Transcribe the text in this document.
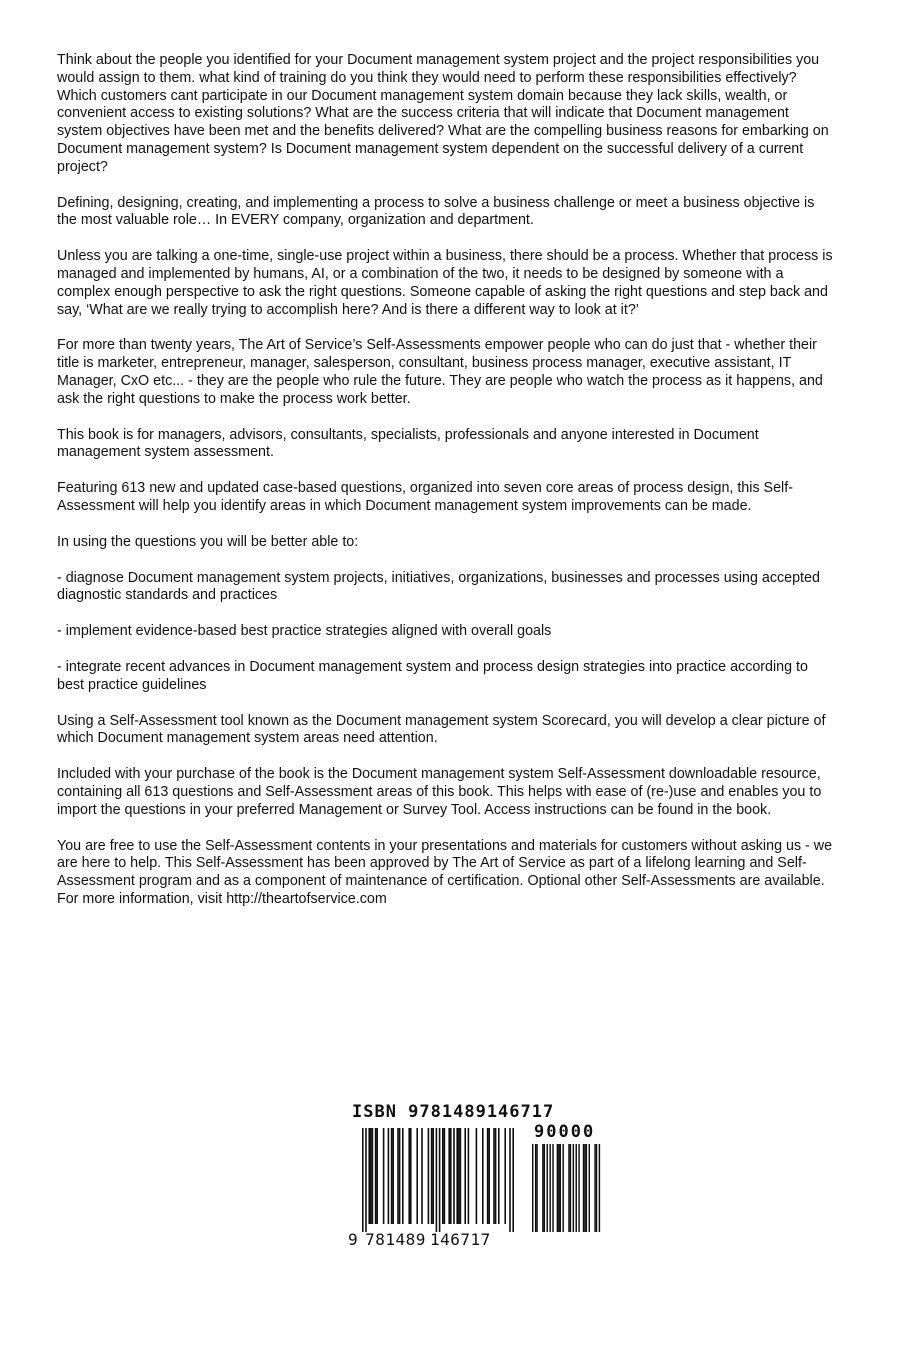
Think about the people you identified for your Document management system project and the project responsibilities you would assign to them. what kind of training do you think they would need to perform these responsibilities effectively? Which customers cant participate in our Document management system domain because they lack skills, wealth, or convenient access to existing solutions? What are the success criteria that will indicate that Document management system objectives have been met and the benefits delivered? What are the compelling business reasons for embarking on Document management system? Is Document management system dependent on the successful delivery of a current project?

Defining, designing, creating, and implementing a process to solve a business challenge or meet a business objective is the most valuable role… In EVERY company, organization and department.

Unless you are talking a one-time, single-use project within a business, there should be a process. Whether that process is managed and implemented by humans, AI, or a combination of the two, it needs to be designed by someone with a complex enough perspective to ask the right questions. Someone capable of asking the right questions and step back and say, ‘What are we really trying to accomplish here? And is there a different way to look at it?’

For more than twenty years, The Art of Service’s Self-Assessments empower people who can do just that - whether their title is marketer, entrepreneur, manager, salesperson, consultant, business process manager, executive assistant, IT Manager, CxO etc... - they are the people who rule the future. They are people who watch the process as it happens, and ask the right questions to make the process work better.

This book is for managers, advisors, consultants, specialists, professionals and anyone interested in Document management system assessment.

Featuring 613 new and updated case-based questions, organized into seven core areas of process design, this Self-Assessment will help you identify areas in which Document management system improvements can be made.

In using the questions you will be better able to:

- diagnose Document management system projects, initiatives, organizations, businesses and processes using accepted diagnostic standards and practices

- implement evidence-based best practice strategies aligned with overall goals

- integrate recent advances in Document management system and process design strategies into practice according to best practice guidelines

Using a Self-Assessment tool known as the Document management system Scorecard, you will develop a clear picture of which Document management system areas need attention.

Included with your purchase of the book is the Document management system Self-Assessment downloadable resource, containing all 613 questions and Self-Assessment areas of this book. This helps with ease of (re-)use and enables you to import the questions in your preferred Management or Survey Tool. Access instructions can be found in the book.

You are free to use the Self-Assessment contents in your presentations and materials for customers without asking us - we are here to help. This Self-Assessment has been approved by The Art of Service as part of a lifelong learning and Self-Assessment program and as a component of maintenance of certification. Optional other Self-Assessments are available. For more information, visit http://theartofservice.com

ISBN 9781489146717
90000
9 781489 146717
